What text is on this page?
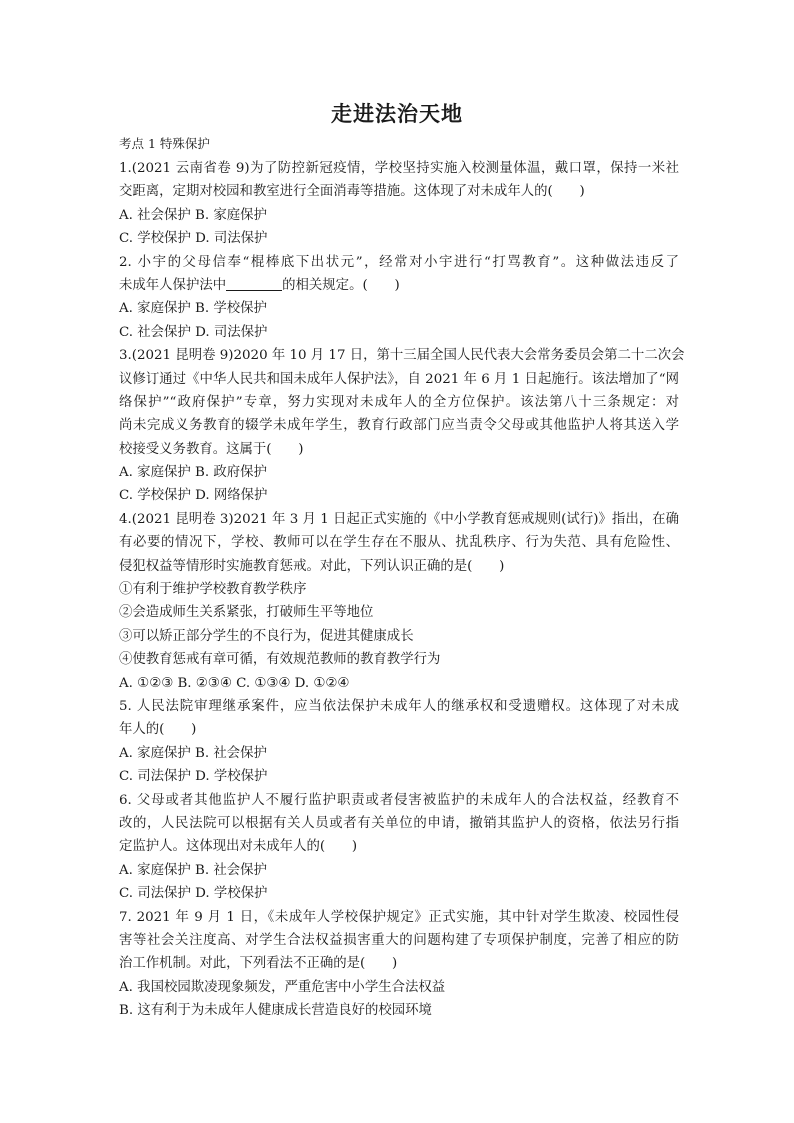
走进法治天地
考点 1 特殊保护
1.(2021 云南省卷 9)为了防控新冠疫情，学校坚持实施入校测量体温，戴口罩，保持一米社
交距离，定期对校园和教室进行全面消毒等措施。这体现了对未成年人的(　　)
A. 社会保护 B. 家庭保护
C. 学校保护 D. 司法保护
2. 小宇的父母信奉“棍棒底下出状元”，经常对小宇进行“打骂教育”。这种做法违反了
未成年人保护法中	的相关规定。(　　)
A. 家庭保护 B. 学校保护
C. 社会保护 D. 司法保护
3.(2021 昆明卷 9)2020 年 10 月 17 日，第十三届全国人民代表大会常务委员会第二十二次会
议修订通过《中华人民共和国未成年人保护法》，自 2021 年 6 月 1 日起施行。该法增加了“网
络保护”“政府保护”专章，努力实现对未成年人的全方位保护。该法第八十三条规定：对
尚未完成义务教育的辍学未成年学生，教育行政部门应当责令父母或其他监护人将其送入学
校接受义务教育。这属于(　　)
A. 家庭保护 B. 政府保护
C. 学校保护 D. 网络保护
4.(2021 昆明卷 3)2021 年 3 月 1 日起正式实施的《中小学教育惩戒规则(试行)》指出，在确
有必要的情况下，学校、教师可以在学生存在不服从、扰乱秩序、行为失范、具有危险性、
侵犯权益等情形时实施教育惩戒。对此，下列认识正确的是(　　)
①有利于维护学校教育教学秩序
②会造成师生关系紧张，打破师生平等地位
③可以矫正部分学生的不良行为，促进其健康成长
④使教育惩戒有章可循，有效规范教师的教育教学行为
A. ①②③ B. ②③④ C. ①③④ D. ①②④
5. 人民法院审理继承案件，应当依法保护未成年人的继承权和受遗赠权。这体现了对未成
年人的(　　)
A. 家庭保护 B. 社会保护
C. 司法保护 D. 学校保护
6. 父母或者其他监护人不履行监护职责或者侵害被监护的未成年人的合法权益，经教育不
改的，人民法院可以根据有关人员或者有关单位的申请，撤销其监护人的资格，依法另行指
定监护人。这体现出对未成年人的(　　)
A. 家庭保护 B. 社会保护
C. 司法保护 D. 学校保护
7. 2021 年 9 月 1 日，《未成年人学校保护规定》正式实施，其中针对学生欺凌、校园性侵
害等社会关注度高、对学生合法权益损害重大的问题构建了专项保护制度，完善了相应的防
治工作机制。对此，下列看法不正确的是(　　)
A. 我国校园欺凌现象频发，严重危害中小学生合法权益
B. 这有利于为未成年人健康成长营造良好的校园环境
